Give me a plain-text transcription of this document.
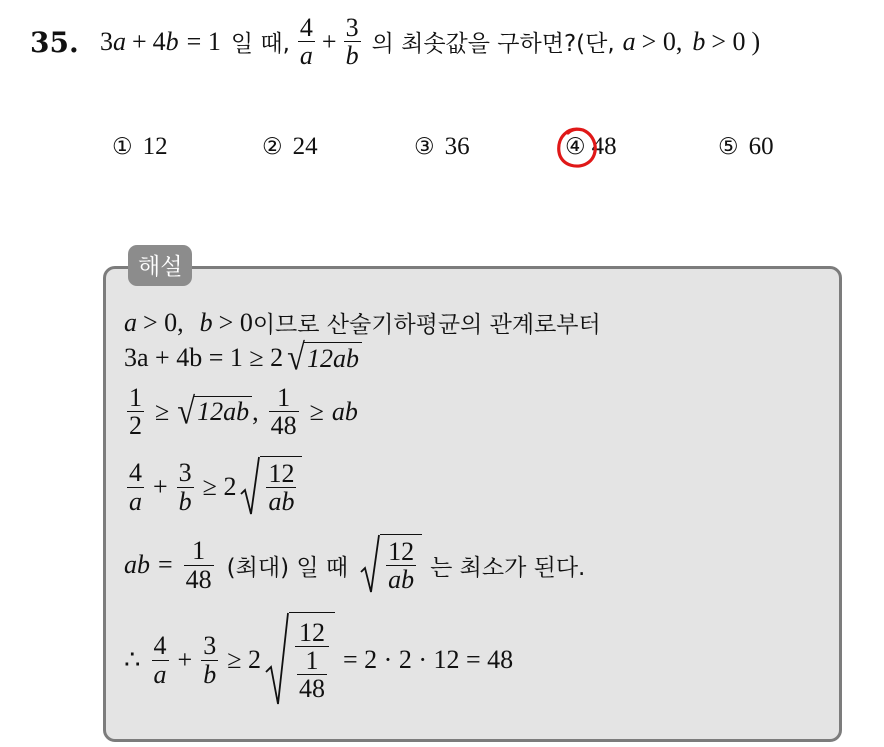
35. 3 a + 4 b = 1 일 때, $\frac{4}{a} + \frac{3}{b}$ 의 최솟값을 구하면?(단, a > 0, b > 0 )
① 12	② 24	③ 36	④ 48	⑤ 60
해설
a > 0, b > 0 이므로 산술기하평균의 관계로부터
3a + 4b = 1 ≥ 2 √ 12ab
$\frac{1}{2}$ ≥ √ 12ab , $\frac{1}{48}$ ≥ ab
$\frac{4}{a} + \frac{3}{b} \ge 2 \frac{12}{ab}$
ab = $\frac{1}{48}$ (최대) 일 때 $\frac{12}{ab}$ 는 최소가 된다.
∴ $\frac{4}{a} + \frac{3}{b} \ge 2 \frac{12}{\frac{1}{48}} = 2 \cdot 2 \cdot 12 = 48$
